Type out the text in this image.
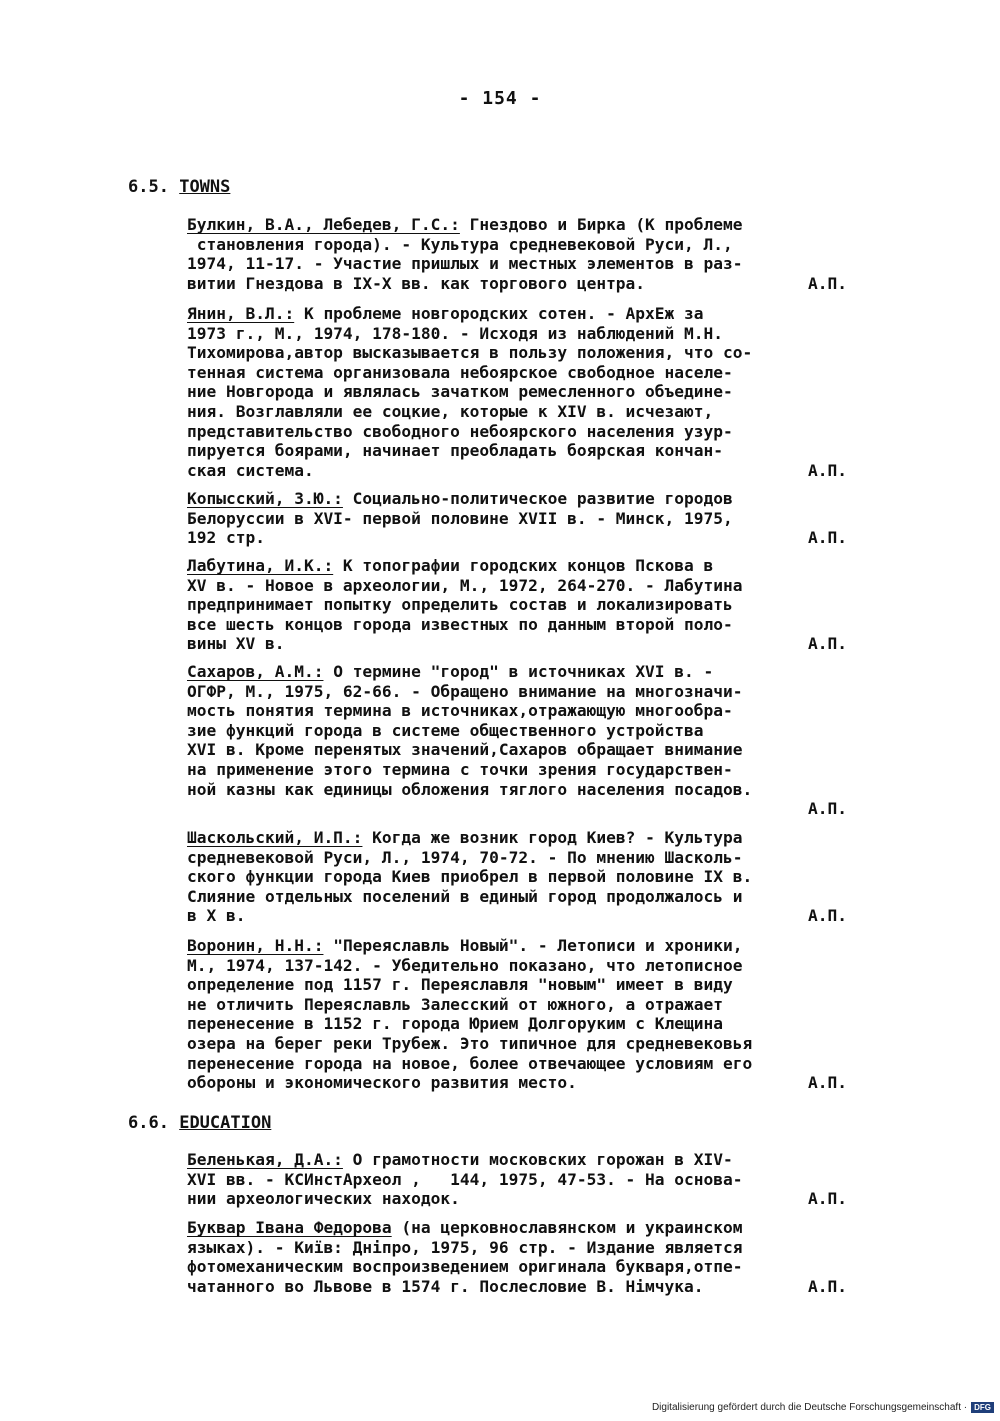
- 154 -
6.5. TOWNS
Булкин, В.А., Лебедев, Г.С.: Гнездово и Бирка (К проблеме
становления города). - Культура средневековой Руси, Л.,
1974, 11-17. - Участие пришлых и местных элементов в раз-
витии Гнездова в IX-X вв. как торгового центра.	А.П.
Янин, В.Л.: К проблеме новгородских сотен. - АрхЕж за
1973 г., М., 1974, 178-180. - Исходя из наблюдений М.Н.
Тихомирова,автор высказывается в пользу положения, что со-
тенная система организовала небоярское свободное населе-
ние Новгорода и являлась зачатком ремесленного объедине-
ния. Возглавляли ее соцкие, которые к XIV в. исчезают,
представительство свободного небоярского населения узур-
пируется боярами, начинает преобладать боярская кончан-
ская система.	А.П.
Копысский, З.Ю.: Социально-политическое развитие городов
Белоруссии в XVI- первой половине XVII в. - Минск, 1975,
192 стр.	А.П.
Лабутина, И.К.: К топографии городских концов Пскова в
XV в. - Новое в археологии, М., 1972, 264-270. - Лабутина
предпринимает попытку определить состав и локализировать
все шесть концов города известных по данным второй поло-
вины XV в.	А.П.
Сахаров, А.М.: О термине "город" в источниках XVI в. -
ОГФР, М., 1975, 62-66. - Обращено внимание на многозначи-
мость понятия термина в источниках,отражающую многообра-
зие функций города в системе общественного устройства
XVI в. Кроме перенятых значений,Сахаров обращает внимание
на применение этого термина с точки зрения государствен-
ной казны как единицы обложения тяглого населения посадов.
А.П.
Шаскольский, И.П.: Когда же возник город Киев? - Культура
средневековой Руси, Л., 1974, 70-72. - По мнению Шасколь-
ского функции города Киев приобрел в первой половине IX в.
Слияние отдельных поселений в единый город продолжалось и
в X в.	А.П.
Воронин, Н.Н.: "Переяславль Новый". - Летописи и хроники,
М., 1974, 137-142. - Убедительно показано, что летописное
определение под 1157 г. Переяславля "новым" имеет в виду
не отличить Переяславль Залесский от южного, а отражает
перенесение в 1152 г. города Юрием Долгоруким с Клещина
озера на берег реки Трубеж. Это типичное для средневековья
перенесение города на новое, более отвечающее условиям его
обороны и экономического развития место.	А.П.
6.6. EDUCATION
Беленькая, Д.А.: О грамотности московских горожан в XIV-
XVI вв. - КСИнстАрхеол ,   144, 1975, 47-53. - На основа-
нии археологических находок.	А.П.
Буквар Iвана Федорова (на церковнославянском и украинском
языках). - Київ: Днiпро, 1975, 96 стр. - Издание является
фотомеханическим воспроизведением оригинала букваря,отпе-
чатанного во Львове в 1574 г. Послесловие В. Нiмчука.	А.П.
Digitalisierung gefördert durch die Deutsche Forschungsgemeinschaft · DFG
